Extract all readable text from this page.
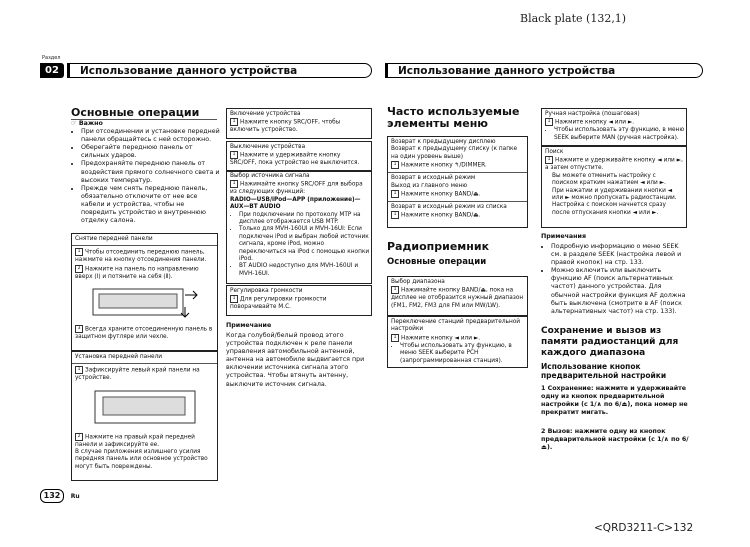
Black plate (132,1)
Раздел
02	Использование данного устройства	Использование данного устройства
Основные операции
☞ Важно
• При отсоединении и установке передней панели обращайтесь с ней осторожно.
• Оберегайте переднюю панель от сильных ударов.
• Предохраняйте переднюю панель от воздействия прямого солнечного света и высоких температур.
• Прежде чем снять переднюю панель, обязательно отключите от нее все кабели и устройства, чтобы не повредить устройство и внутреннюю отделку салона.
Снятие передней панели
1 Чтобы отсоединить переднюю панель, нажмите на кнопку отсоединения панели.
2 Нажмите на панель по направлению вверх (Ⅰ) и потяните на себя (Ⅱ).
3 Всегда храните отсоединенную панель в защитном футляре или чехле.
Установка передней панели
1 Зафиксируйте левый край панели на устройстве.
2 Нажмите на правый край передней панели и зафиксируйте ее.
В случае приложения излишнего усилия передняя панель или основное устройство могут быть повреждены.
Включение устройства
1 Нажмите кнопку SRC/OFF, чтобы включить устройство.
Выключение устройства
1 Нажмите и удерживайте кнопку SRC/OFF, пока устройство не выключится.
Выбор источника сигнала
1 Нажимайте кнопку SRC/OFF для выбора из следующих функций:
RADIO—USB/iPod—APP (приложение)—AUX—BT AUDIO
• При подключении по протоколу MTP на дисплее отображается USB MTP.
• Только для MVH-160UI и MVH-16UI: Если подключен iPod и выбран любой источник сигнала, кроме iPod, можно переключиться на iPod с помощью кнопки iPod.
• BT AUDIO недоступно для MVH-160UI и MVH-16UI.
Регулировка громкости
1 Для регулировки громкости поворачивайте M.C.
Примечание
Когда голубой/белый провод этого устройства подключен к реле панели управления автомобильной антенной, антенна на автомобиле выдвигается при включении источника сигнала этого устройства. Чтобы втянуть антенну, выключите источник сигнала.
Часто используемые элементы меню
Возврат к предыдущему дисплею
Возврат к предыдущему списку (к папке на один уровень выше)
1 Нажмите кнопку ↰/DIMMER.
Возврат в исходный режим
Выход из главного меню
1 Нажмите кнопку BAND/⏏.
Возврат в исходный режим из списка
1 Нажмите кнопку BAND/⏏.
Радиоприемник
Основные операции
Выбор диапазона
1 Нажимайте кнопку BAND/⏏, пока на дисплее не отобразится нужный диапазон (FM1, FM2, FM3 для FM или MW/LW).
Переключение станций предварительной настройки
1 Нажмите кнопку ◄ или ►.
• Чтобы использовать эту функцию, в меню SEEK выберите PCH (запрограммированная станция).
Ручная настройка (пошаговая)
1 Нажмите кнопку ◄ или ►.
• Чтобы использовать эту функцию, в меню SEEK выберите MAN (ручная настройка).
Поиск
1 Нажмите и удерживайте кнопку ◄ или ►, а затем отпустите.
Вы можете отменить настройку с поиском кратким нажатием ◄ или ►.
При нажатии и удерживании кнопки ◄ или ► можно пропускать радиостанции. Настройка с поиском начнется сразу после отпускания кнопки ◄ или ►.
Примечания
• Подробную информацию о меню SEEK см. в разделе SEEK (настройка левой и правой кнопок) на стр. 133.
• Можно включить или выключить функцию AF (поиск альтернативных частот) данного устройства. Для обычной настройки функция AF должна быть выключена (смотрите в AF (поиск альтернативных частот) на стр. 133).
Сохранение и вызов из памяти радиостанций для каждого диапазона
Использование кнопок предварительной настройки
1 Сохранение: нажмите и удерживайте одну из кнопок предварительной настройки (с 1/∧ по 6/⏏), пока номер не прекратит мигать.
2 Вызов: нажмите одну из кнопок предварительной настройки (с 1/∧ по 6/⏏).
132 Ru
<QRD3211-C>132
